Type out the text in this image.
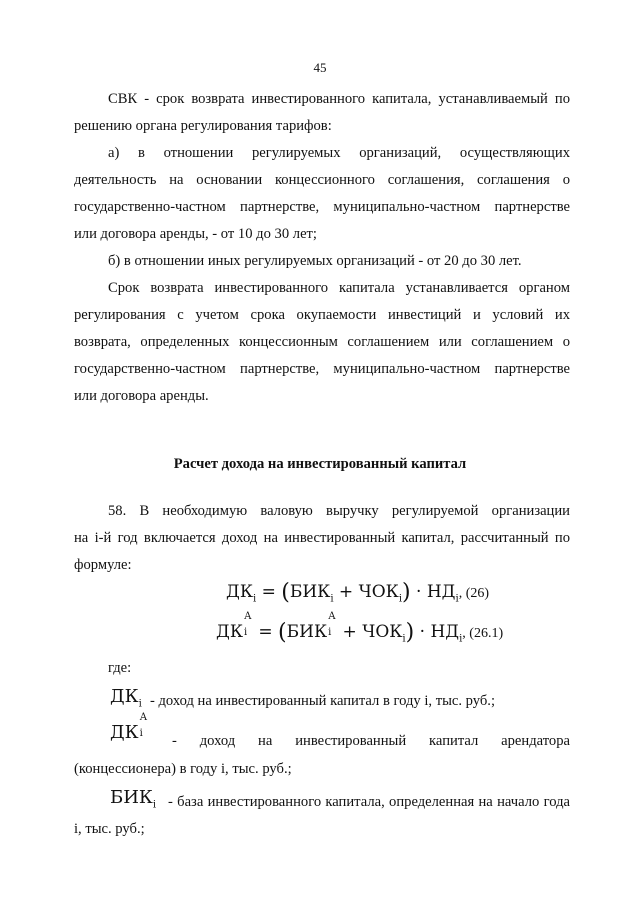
45
СВК - срок возврата инвестированного капитала, устанавливаемый по
решению органа регулирования тарифов:
а) в отношении регулируемых организаций, осуществляющих
деятельность на основании концессионного соглашения, соглашения о
государственно-частном партнерстве, муниципально-частном партнерстве
или договора аренды, - от 10 до 30 лет;
б) в отношении иных регулируемых организаций - от 20 до 30 лет.
Срок возврата инвестированного капитала устанавливается органом
регулирования с учетом срока окупаемости инвестиций и условий их
возврата, определенных концессионным соглашением или соглашением о
государственно-частном партнерстве, муниципально-частном партнерстве
или договора аренды.
Расчет дохода на инвестированный капитал
58. В необходимую валовую выручку регулируемой организации
на i-й год включается доход на инвестированный капитал, рассчитанный по
формуле:
$ДК_i = (БИК_i + ЧОК_i) \cdot НД_i$, (26)
ДК
А
i = (БИК
А
$i + ЧОК_i) \cdot НД_i$, (26.1)
где:
$ДК_i$ - доход на инвестированный капитал в году i, тыс. руб.;
ДК
А
i - доход на инвестированный капитал арендатора
(концессионера) в году i, тыс. руб.;
$БИК_i$ - база инвестированного капитала, определенная на начало года
i, тыс. руб.;
